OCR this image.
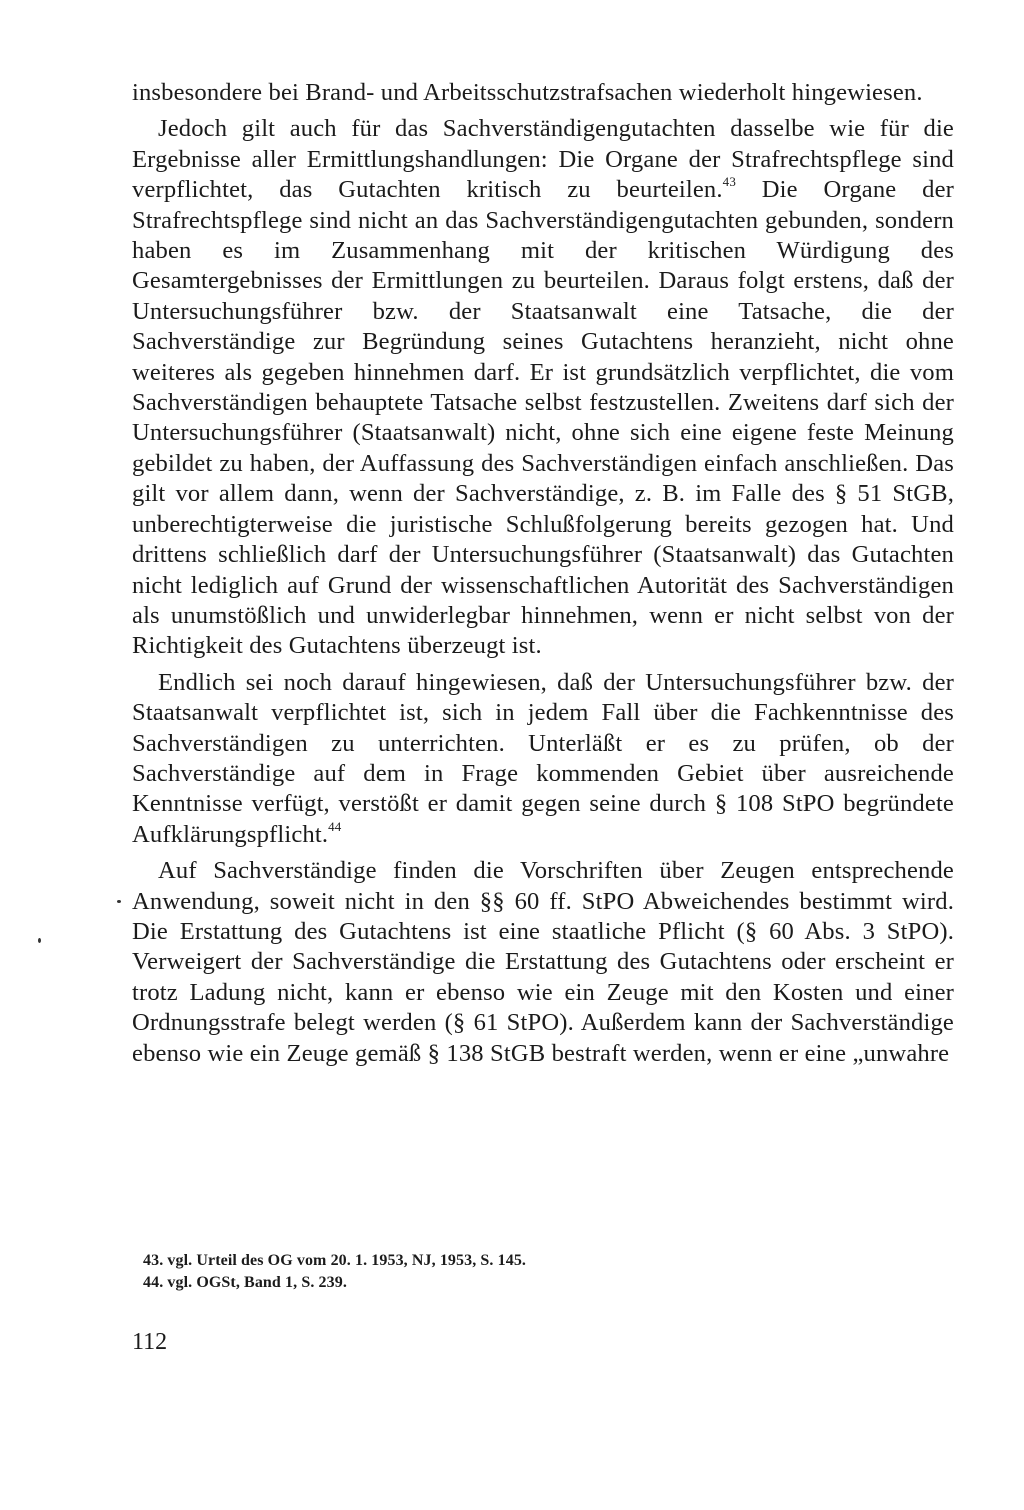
insbesondere bei Brand- und Arbeitsschutzstrafsachen wiederholt hingewiesen.

Jedoch gilt auch für das Sachverständigengutachten dasselbe wie für die Ergebnisse aller Ermittlungshandlungen: Die Organe der Strafrechtspflege sind verpflichtet, das Gutachten kritisch zu beurteilen.$^{43}$ Die Organe der Strafrechtspflege sind nicht an das Sachverständigengutachten gebunden, sondern haben es im Zusammenhang mit der kritischen Würdigung des Gesamtergebnisses der Ermittlungen zu beurteilen. Daraus folgt erstens, daß der Untersuchungsführer bzw. der Staatsanwalt eine Tatsache, die der Sachverständige zur Begründung seines Gutachtens heranzieht, nicht ohne weiteres als gegeben hinnehmen darf. Er ist grundsätzlich verpflichtet, die vom Sachverständigen behauptete Tatsache selbst festzustellen. Zweitens darf sich der Untersuchungsführer (Staatsanwalt) nicht, ohne sich eine eigene feste Meinung gebildet zu haben, der Auffassung des Sachverständigen einfach anschließen. Das gilt vor allem dann, wenn der Sachverständige, z. B. im Falle des § 51 StGB, unberechtigterweise die juristische Schlußfolgerung bereits gezogen hat. Und drittens schließlich darf der Untersuchungsführer (Staatsanwalt) das Gutachten nicht lediglich auf Grund der wissenschaftlichen Autorität des Sachverständigen als unumstößlich und unwiderlegbar hinnehmen, wenn er nicht selbst von der Richtigkeit des Gutachtens überzeugt ist.

Endlich sei noch darauf hingewiesen, daß der Untersuchungsführer bzw. der Staatsanwalt verpflichtet ist, sich in jedem Fall über die Fachkenntnisse des Sachverständigen zu unterrichten. Unterläßt er es zu prüfen, ob der Sachverständige auf dem in Frage kommenden Gebiet über ausreichende Kenntnisse verfügt, verstößt er damit gegen seine durch § 108 StPO begründete Aufklärungspflicht.$^{44}$

Auf Sachverständige finden die Vorschriften über Zeugen entsprechende Anwendung, soweit nicht in den §§ 60 ff. StPO Abweichendes bestimmt wird. Die Erstattung des Gutachtens ist eine staatliche Pflicht (§ 60 Abs. 3 StPO). Verweigert der Sachverständige die Erstattung des Gutachtens oder erscheint er trotz Ladung nicht, kann er ebenso wie ein Zeuge mit den Kosten und einer Ordnungsstrafe belegt werden (§ 61 StPO). Außerdem kann der Sachverständige ebenso wie ein Zeuge gemäß § 138 StGB bestraft werden, wenn er eine „unwahre

43. vgl. Urteil des OG vom 20. 1. 1953, NJ, 1953, S. 145.

44. vgl. OGSt, Band 1, S. 239.

112
